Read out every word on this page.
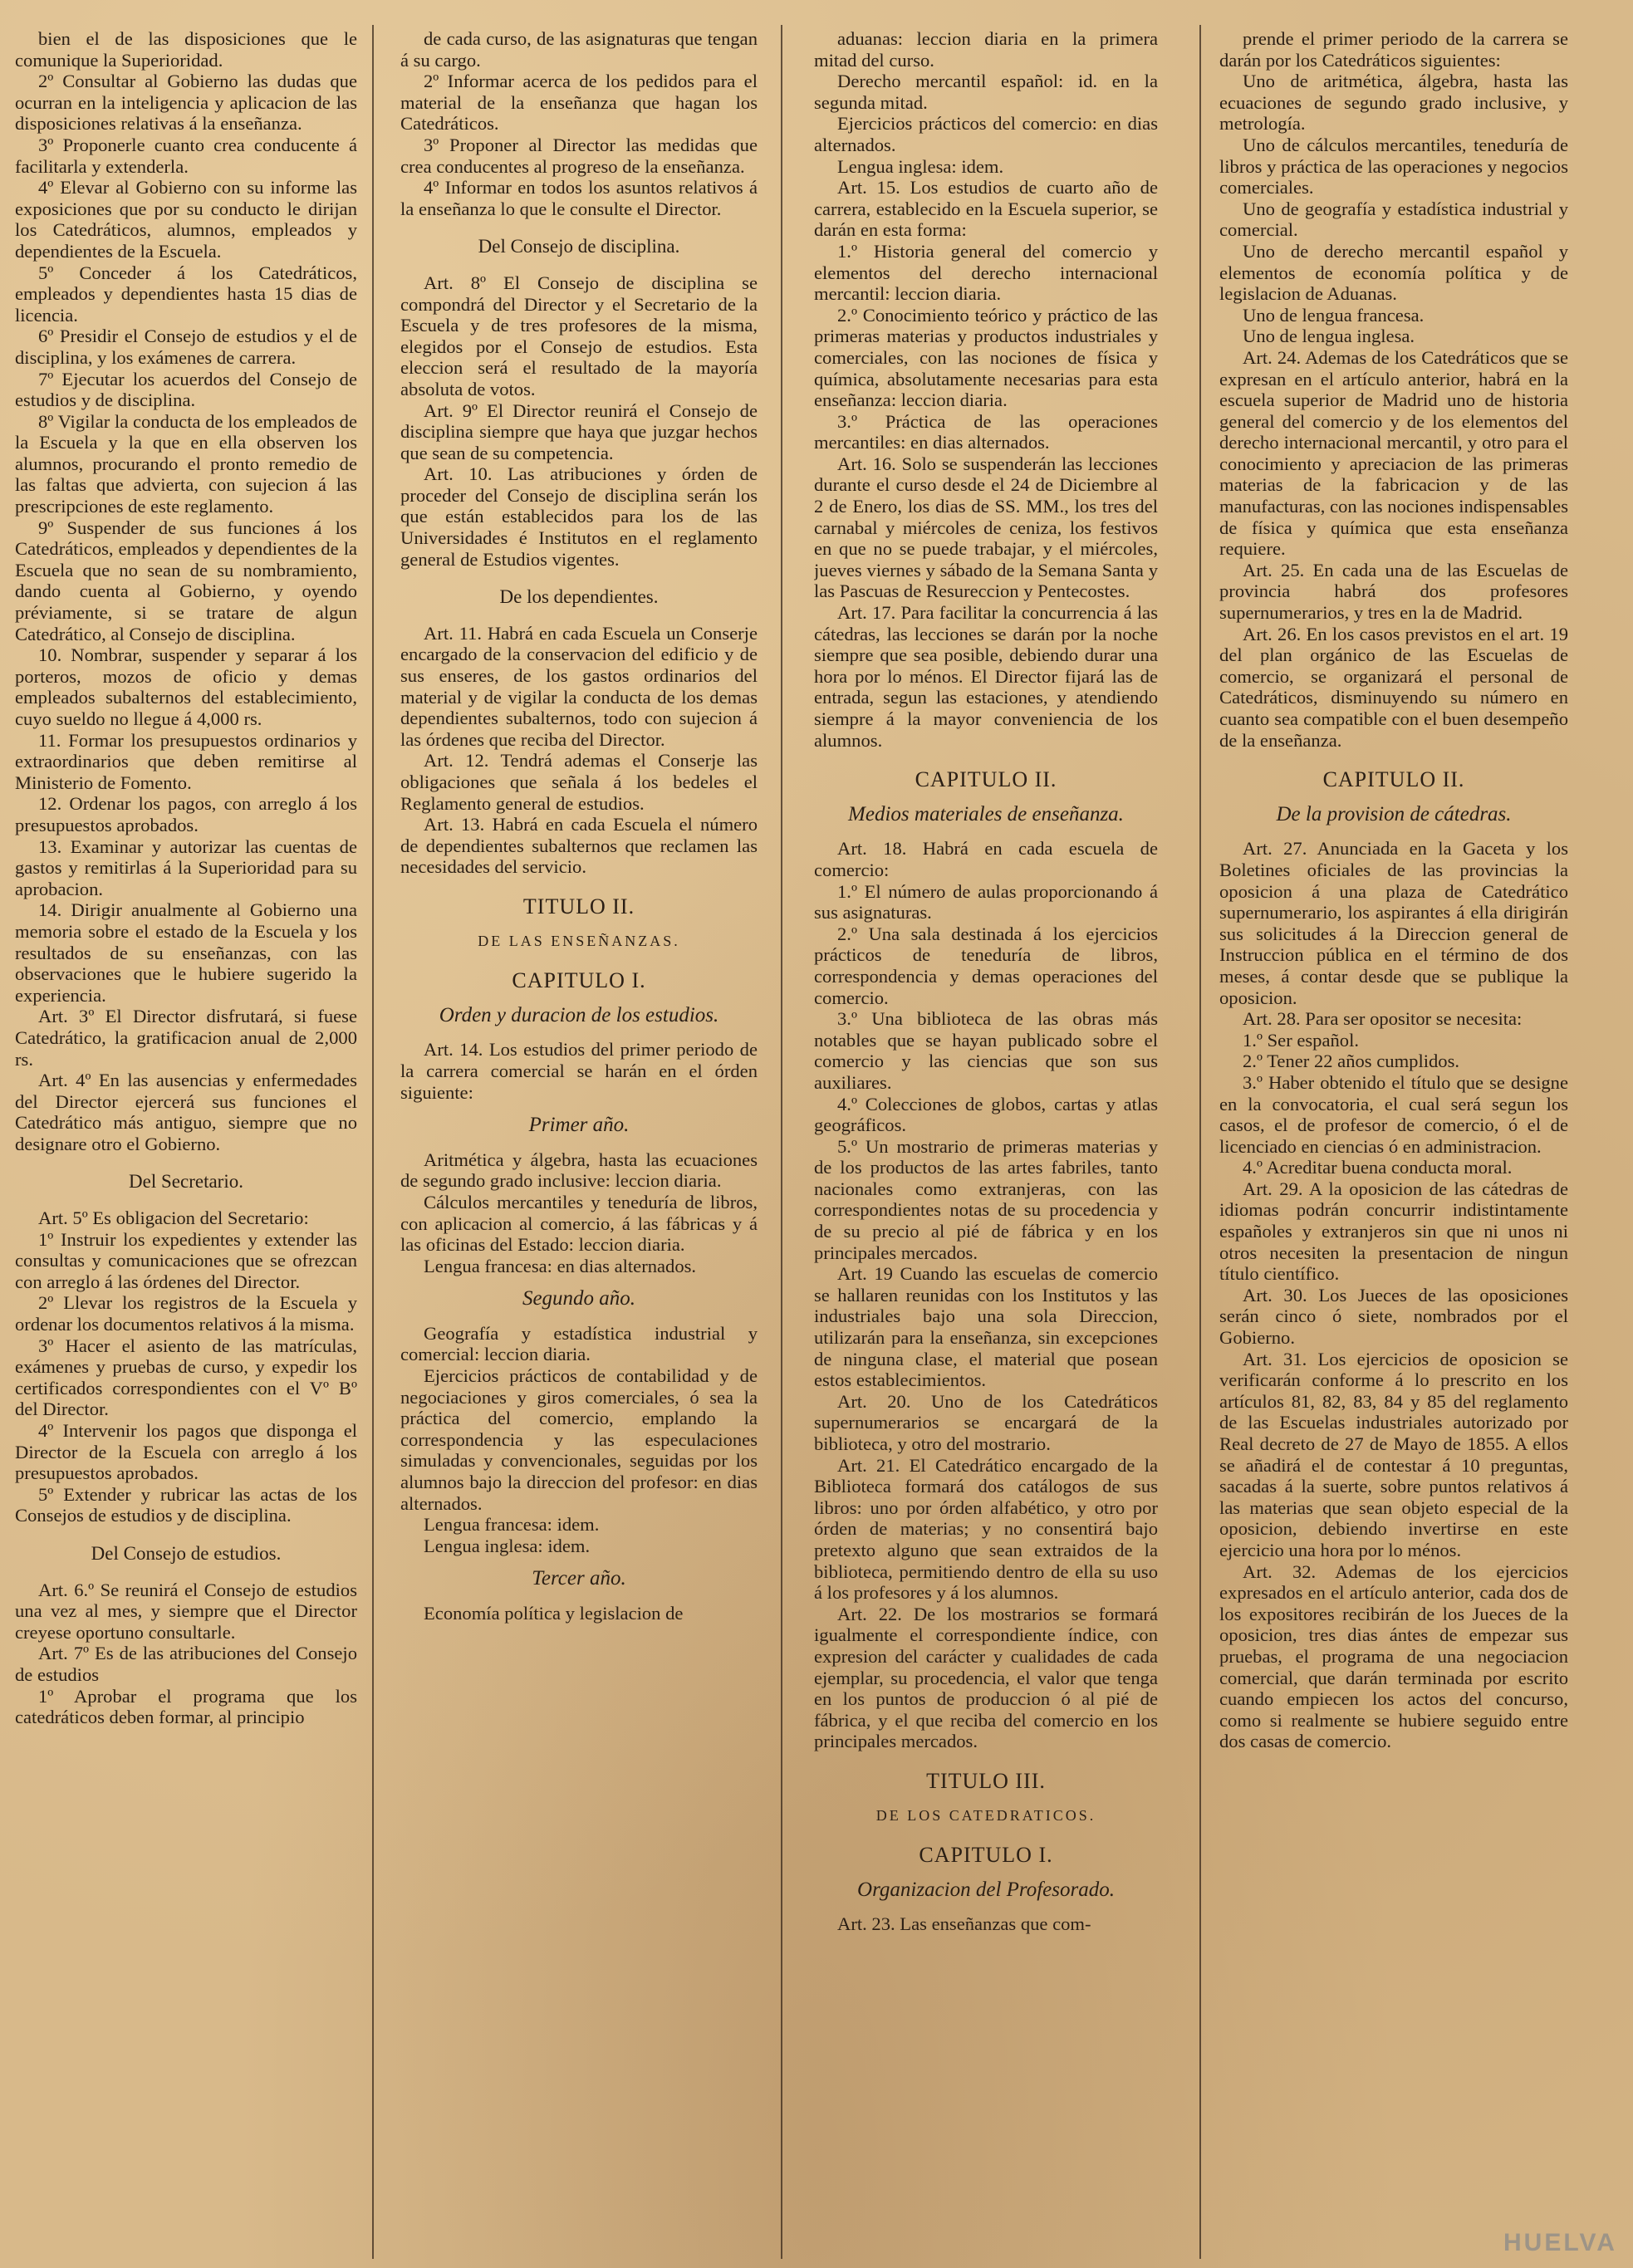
bien el de las disposiciones que le comunique la Superioridad.

2º Consultar al Gobierno las dudas que ocurran en la inteligencia y aplicacion de las disposiciones relativas á la enseñanza.

3º Proponerle cuanto crea conducente á facilitarla y extenderla.

4º Elevar al Gobierno con su informe las exposiciones que por su conducto le dirijan los Catedráticos, alumnos, empleados y dependientes de la Escuela.

5º Conceder á los Catedráticos, empleados y dependientes hasta 15 dias de licencia.

6º Presidir el Consejo de estudios y el de disciplina, y los exámenes de carrera.

7º Ejecutar los acuerdos del Consejo de estudios y de disciplina.

8º Vigilar la conducta de los empleados de la Escuela y la que en ella observen los alumnos, procurando el pronto remedio de las faltas que advierta, con sujecion á las prescripciones de este reglamento.

9º Suspender de sus funciones á los Catedráticos, empleados y dependientes de la Escuela que no sean de su nombramiento, dando cuenta al Gobierno, y oyendo préviamente, si se tratare de algun Catedrático, al Consejo de disciplina.

10. Nombrar, suspender y separar á los porteros, mozos de oficio y demas empleados subalternos del establecimiento, cuyo sueldo no llegue á 4,000 rs.

11. Formar los presupuestos ordinarios y extraordinarios que deben remitirse al Ministerio de Fomento.

12. Ordenar los pagos, con arreglo á los presupuestos aprobados.

13. Examinar y autorizar las cuentas de gastos y remitirlas á la Superioridad para su aprobacion.

14. Dirigir anualmente al Gobierno una memoria sobre el estado de la Escuela y los resultados de su enseñanzas, con las observaciones que le hubiere sugerido la experiencia.

Art. 3º El Director disfrutará, si fuese Catedrático, la gratificacion anual de 2,000 rs.

Art. 4º En las ausencias y enfermedades del Director ejercerá sus funciones el Catedrático más antiguo, siempre que no designare otro el Gobierno.

Del Secretario.

Art. 5º Es obligacion del Secretario:

1º Instruir los expedientes y extender las consultas y comunicaciones que se ofrezcan con arreglo á las órdenes del Director.

2º Llevar los registros de la Escuela y ordenar los documentos relativos á la misma.

3º Hacer el asiento de las matrículas, exámenes y pruebas de curso, y expedir los certificados correspondientes con el Vº Bº del Director.

4º Intervenir los pagos que disponga el Director de la Escuela con arreglo á los presupuestos aprobados.

5º Extender y rubricar las actas de los Consejos de estudios y de disciplina.

Del Consejo de estudios.

Art. 6.º Se reunirá el Consejo de estudios una vez al mes, y siempre que el Director creyese oportuno consultarle.

Art. 7º Es de las atribuciones del Consejo de estudios

1º Aprobar el programa que los catedráticos deben formar, al principio

de cada curso, de las asignaturas que tengan á su cargo.

2º Informar acerca de los pedidos para el material de la enseñanza que hagan los Catedráticos.

3º Proponer al Director las medidas que crea conducentes al progreso de la enseñanza.

4º Informar en todos los asuntos relativos á la enseñanza lo que le consulte el Director.

Del Consejo de disciplina.

Art. 8º El Consejo de disciplina se compondrá del Director y el Secretario de la Escuela y de tres profesores de la misma, elegidos por el Consejo de estudios. Esta eleccion será el resultado de la mayoría absoluta de votos.

Art. 9º El Director reunirá el Consejo de disciplina siempre que haya que juzgar hechos que sean de su competencia.

Art. 10. Las atribuciones y órden de proceder del Consejo de disciplina serán los que están establecidos para los de las Universidades é Institutos en el reglamento general de Estudios vigentes.

De los dependientes.

Art. 11. Habrá en cada Escuela un Conserje encargado de la conservacion del edificio y de sus enseres, de los gastos ordinarios del material y de vigilar la conducta de los demas dependientes subalternos, todo con sujecion á las órdenes que reciba del Director.

Art. 12. Tendrá ademas el Conserje las obligaciones que señala á los bedeles el Reglamento general de estudios.

Art. 13. Habrá en cada Escuela el número de dependientes subalternos que reclamen las necesidades del servicio.

TITULO II.

DE LAS ENSEÑANZAS.

CAPITULO I.

Orden y duracion de los estudios.

Art. 14. Los estudios del primer periodo de la carrera comercial se harán en el órden siguiente:

Primer año.

Aritmética y álgebra, hasta las ecuaciones de segundo grado inclusive: leccion diaria.

Cálculos mercantiles y teneduría de libros, con aplicacion al comercio, á las fábricas y á las oficinas del Estado: leccion diaria.

Lengua francesa: en dias alternados.

Segundo año.

Geografía y estadística industrial y comercial: leccion diaria.

Ejercicios prácticos de contabilidad y de negociaciones y giros comerciales, ó sea la práctica del comercio, emplando la correspondencia y las especulaciones simuladas y convencionales, seguidas por los alumnos bajo la direccion del profesor: en dias alternados.

Lengua francesa: idem.

Lengua inglesa: idem.

Tercer año.

Economía política y legislacion de

aduanas: leccion diaria en la primera mitad del curso.

Derecho mercantil español: id. en la segunda mitad.

Ejercicios prácticos del comercio: en dias alternados.

Lengua inglesa: idem.

Art. 15. Los estudios de cuarto año de carrera, establecido en la Escuela superior, se darán en esta forma:

1.º Historia general del comercio y elementos del derecho internacional mercantil: leccion diaria.

2.º Conocimiento teórico y práctico de las primeras materias y productos industriales y comerciales, con las nociones de física y química, absolutamente necesarias para esta enseñanza: leccion diaria.

3.º Práctica de las operaciones mercantiles: en dias alternados.

Art. 16. Solo se suspenderán las lecciones durante el curso desde el 24 de Diciembre al 2 de Enero, los dias de SS. MM., los tres del carnabal y miércoles de ceniza, los festivos en que no se puede trabajar, y el miércoles, jueves viernes y sábado de la Semana Santa y las Pascuas de Resureccion y Pentecostes.

Art. 17. Para facilitar la concurrencia á las cátedras, las lecciones se darán por la noche siempre que sea posible, debiendo durar una hora por lo ménos. El Director fijará las de entrada, segun las estaciones, y atendiendo siempre á la mayor conveniencia de los alumnos.

CAPITULO II.

Medios materiales de enseñanza.

Art. 18. Habrá en cada escuela de comercio:

1.º El número de aulas proporcionando á sus asignaturas.

2.º Una sala destinada á los ejercicios prácticos de teneduría de libros, correspondencia y demas operaciones del comercio.

3.º Una biblioteca de las obras más notables que se hayan publicado sobre el comercio y las ciencias que son sus auxiliares.

4.º Colecciones de globos, cartas y atlas geográficos.

5.º Un mostrario de primeras materias y de los productos de las artes fabriles, tanto nacionales como extranjeras, con las correspondientes notas de su procedencia y de su precio al pié de fábrica y en los principales mercados.

Art. 19 Cuando las escuelas de comercio se hallaren reunidas con los Institutos y las industriales bajo una sola Direccion, utilizarán para la enseñanza, sin excepciones de ninguna clase, el material que posean estos establecimientos.

Art. 20. Uno de los Catedráticos supernumerarios se encargará de la biblioteca, y otro del mostrario.

Art. 21. El Catedrático encargado de la Biblioteca formará dos catálogos de sus libros: uno por órden alfabético, y otro por órden de materias; y no consentirá bajo pretexto alguno que sean extraidos de la biblioteca, permitiendo dentro de ella su uso á los profesores y á los alumnos.

Art. 22. De los mostrarios se formará igualmente el correspondiente índice, con expresion del carácter y cualidades de cada ejemplar, su procedencia, el valor que tenga en los puntos de produccion ó al pié de fábrica, y el que reciba del comercio en los principales mercados.

TITULO III.

DE LOS CATEDRATICOS.

CAPITULO I.

Organizacion del Profesorado.

Art. 23. Las enseñanzas que com-

prende el primer periodo de la carrera se darán por los Catedráticos siguientes:

Uno de aritmética, álgebra, hasta las ecuaciones de segundo grado inclusive, y metrología.

Uno de cálculos mercantiles, teneduría de libros y práctica de las operaciones y negocios comerciales.

Uno de geografía y estadística industrial y comercial.

Uno de derecho mercantil español y elementos de economía política y de legislacion de Aduanas.

Uno de lengua francesa.

Uno de lengua inglesa.

Art. 24. Ademas de los Catedráticos que se expresan en el artículo anterior, habrá en la escuela superior de Madrid uno de historia general del comercio y de los elementos del derecho internacional mercantil, y otro para el conocimiento y apreciacion de las primeras materias de la fabricacion y de las manufacturas, con las nociones indispensables de física y química que esta enseñanza requiere.

Art. 25. En cada una de las Escuelas de provincia habrá dos profesores supernumerarios, y tres en la de Madrid.

Art. 26. En los casos previstos en el art. 19 del plan orgánico de las Escuelas de comercio, se organizará el personal de Catedráticos, disminuyendo su número en cuanto sea compatible con el buen desempeño de la enseñanza.

CAPITULO II.

De la provision de cátedras.

Art. 27. Anunciada en la Gaceta y los Boletines oficiales de las provincias la oposicion á una plaza de Catedrático supernumerario, los aspirantes á ella dirigirán sus solicitudes á la Direccion general de Instruccion pública en el término de dos meses, á contar desde que se publique la oposicion.

Art. 28. Para ser opositor se necesita:

1.º Ser español.

2.º Tener 22 años cumplidos.

3.º Haber obtenido el título que se designe en la convocatoria, el cual será segun los casos, el de profesor de comercio, ó el de licenciado en ciencias ó en administracion.

4.º Acreditar buena conducta moral.

Art. 29. A la oposicion de las cátedras de idiomas podrán concurrir indistintamente españoles y extranjeros sin que ni unos ni otros necesiten la presentacion de ningun título científico.

Art. 30. Los Jueces de las oposiciones serán cinco ó siete, nombrados por el Gobierno.

Art. 31. Los ejercicios de oposicion se verificarán conforme á lo prescrito en los artículos 81, 82, 83, 84 y 85 del reglamento de las Escuelas industriales autorizado por Real decreto de 27 de Mayo de 1855. A ellos se añadirá el de contestar á 10 preguntas, sacadas á la suerte, sobre puntos relativos á las materias que sean objeto especial de la oposicion, debiendo invertirse en este ejercicio una hora por lo ménos.

Art. 32. Ademas de los ejercicios expresados en el artículo anterior, cada dos de los expositores recibirán de los Jueces de la oposicion, tres dias ántes de empezar sus pruebas, el programa de una negociacion comercial, que darán terminada por escrito cuando empiecen los actos del concurso, como si realmente se hubiere seguido entre dos casas de comercio.

HUELVA
